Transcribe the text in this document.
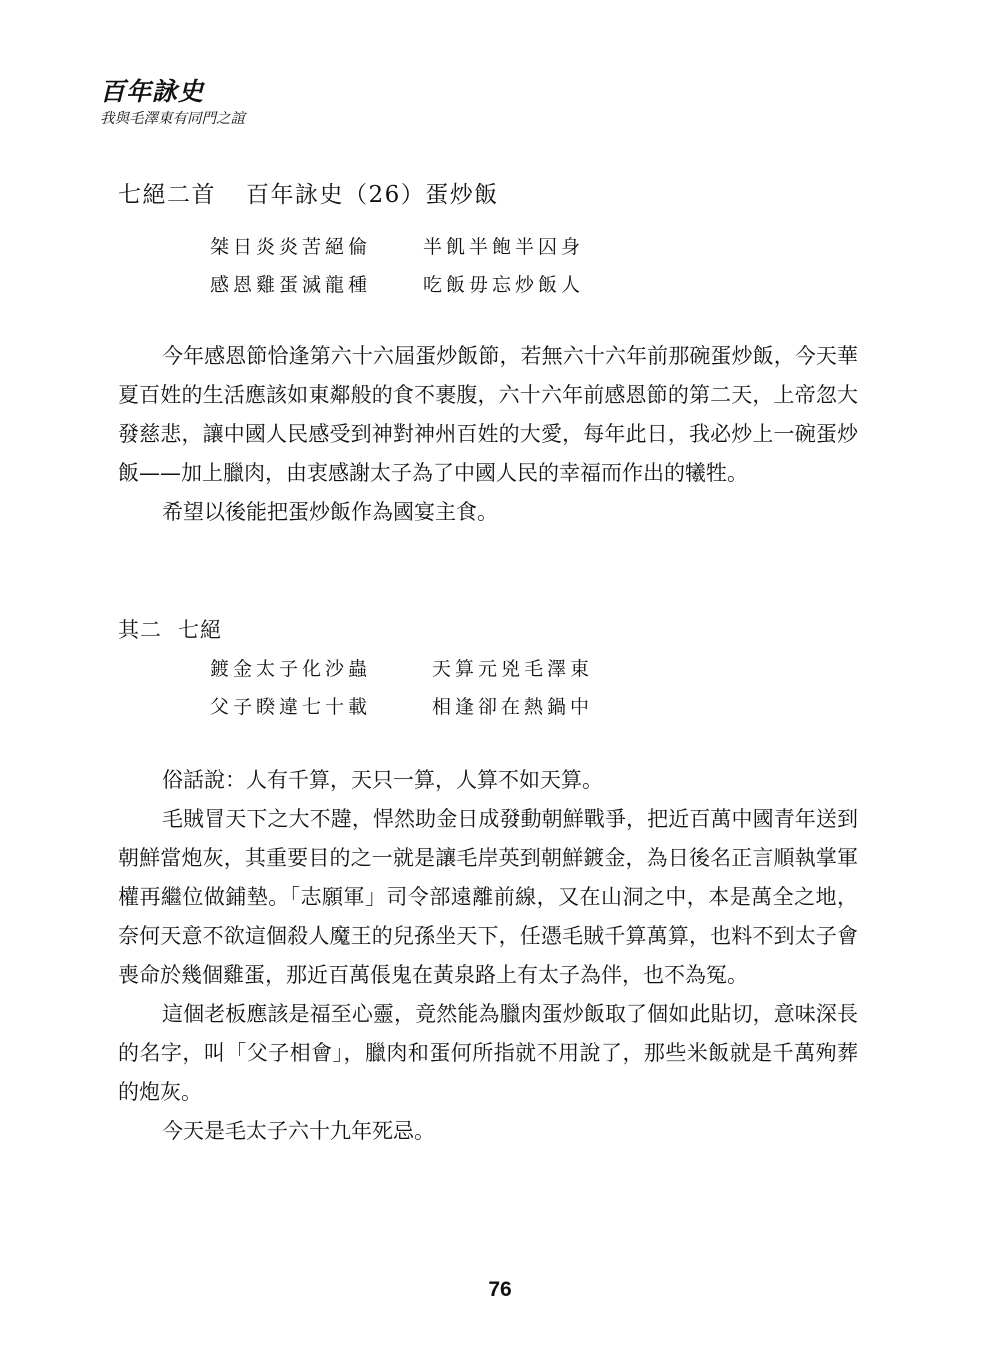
百年詠史
我與毛澤東有同門之誼
七絕二首 百年詠史（26）蛋炒飯
桀日炎炎苦絕倫	半飢半飽半囚身
感恩雞蛋滅龍種	吃飯毋忘炒飯人

今年感恩節恰逢第六十六屆蛋炒飯節，若無六十六年前那碗蛋炒飯，今天華夏百姓的生活應該如東鄰般的食不裹腹，六十六年前感恩節的第二天，上帝忽大發慈悲，讓中國人民感受到神對神州百姓的大愛，每年此日，我必炒上一碗蛋炒飯——加上臘肉，由衷感謝太子為了中國人民的幸福而作出的犧牲。

希望以後能把蛋炒飯作為國宴主食。

其二 七絕
鍍金太子化沙蟲	天算元兇毛澤東
父子睽違七十載	相逢卻在熱鍋中

俗話說：人有千算，天只一算，人算不如天算。

毛賊冒天下之大不韙，悍然助金日成發動朝鮮戰爭，把近百萬中國青年送到朝鮮當炮灰，其重要目的之一就是讓毛岸英到朝鮮鍍金，為日後名正言順執掌軍權再繼位做鋪墊。「志願軍」司令部遠離前線，又在山洞之中，本是萬全之地，奈何天意不欲這個殺人魔王的兒孫坐天下，任憑毛賊千算萬算，也料不到太子會喪命於幾個雞蛋，那近百萬倀鬼在黃泉路上有太子為伴，也不為冤。

這個老板應該是福至心靈，竟然能為臘肉蛋炒飯取了個如此貼切，意味深長的名字，叫「父子相會」，臘肉和蛋何所指就不用說了，那些米飯就是千萬殉葬的炮灰。

今天是毛太子六十九年死忌。

76
